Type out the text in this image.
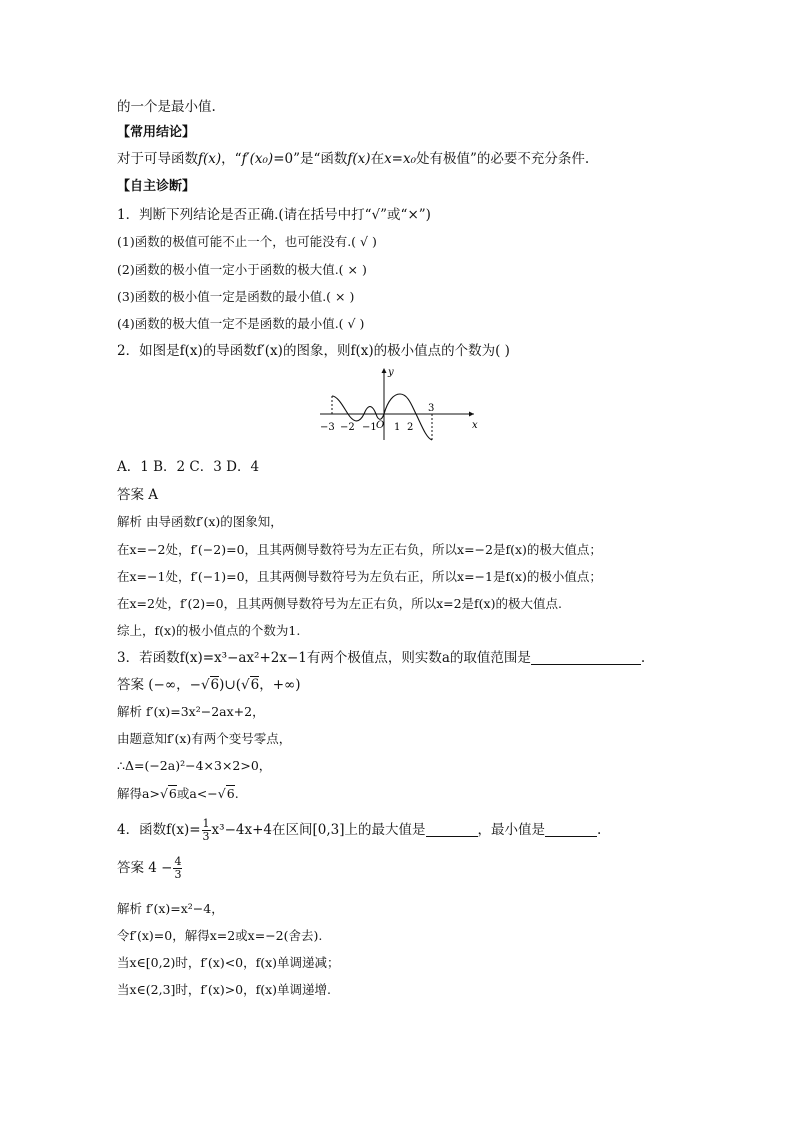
的一个是最小值.
【常用结论】
对于可导函数f(x)，“f′(x₀)=0”是“函数f(x)在x=x₀处有极值”的必要不充分条件.
【自主诊断】
1．判断下列结论是否正确.(请在括号中打“√”或“×”)
(1)函数的极值可能不止一个，也可能没有.( √ )
(2)函数的极小值一定小于函数的极大值.( × )
(3)函数的极小值一定是函数的最小值.( × )
(4)函数的极大值一定不是函数的最小值.( √ )
2．如图是f(x)的导函数f′(x)的图象，则f(x)的极小值点的个数为( )
−3 −2 −1 O 1 2
3
y
x
A．1 B．2 C．3 D．4
答案 A
解析 由导函数f′(x)的图象知，
在x=−2处，f′(−2)=0，且其两侧导数符号为左正右负，所以x=−2是f(x)的极大值点；
在x=−1处，f′(−1)=0，且其两侧导数符号为左负右正，所以x=−1是f(x)的极小值点；
在x=2处，f′(2)=0，且其两侧导数符号为左正右负，所以x=2是f(x)的极大值点.
综上，f(x)的极小值点的个数为1.
3．若函数f(x)=x³−ax²+2x−1有两个极值点，则实数a的取值范围是	.
答案 (−∞，−√6)∪(√6，+∞)
解析 f′(x)=3x²−2ax+2，
由题意知f′(x)有两个变号零点，
∴Δ=(−2a)²−4×3×2>0，
解得a>√6或a<−√6.
4．函数$f(x)= \frac{1}{3} x^3-4x+4$在区间[0,3]上的最大值是	，最小值是	.
答案 $4 - \frac{4}{3}$
解析 f′(x)=x²−4，
令f′(x)=0，解得x=2或x=−2(舍去).
当x∈[0,2)时，f′(x)<0，f(x)单调递减；
当x∈(2,3]时，f′(x)>0，f(x)单调递增.
